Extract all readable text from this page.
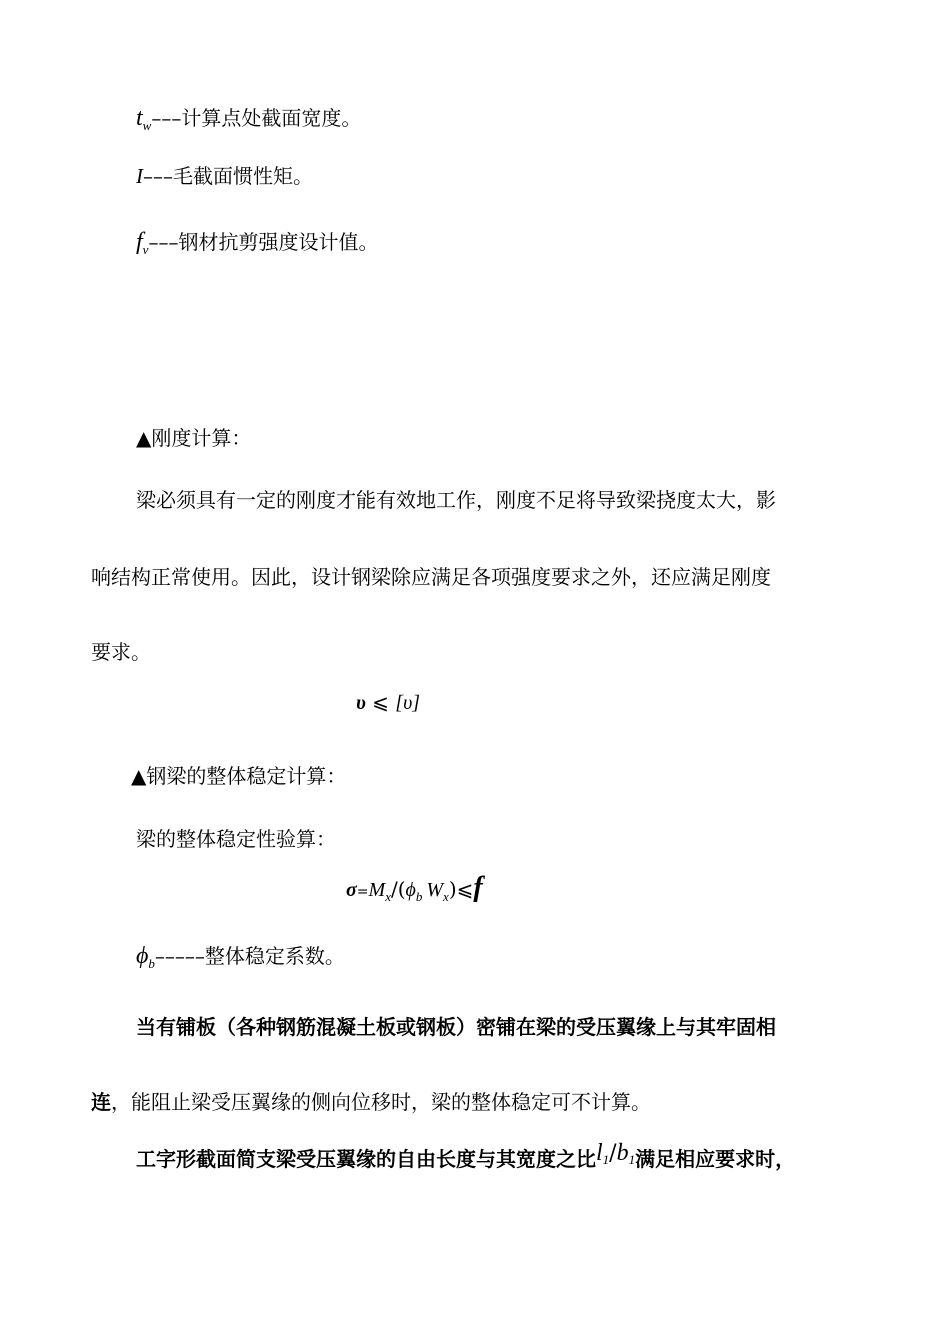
$t_w---$计算点处截面宽度。
I–––毛截面惯性矩。
$f_v---$钢材抗剪强度设计值。
▲刚度计算：
梁必须具有一定的刚度才能有效地工作，刚度不足将导致梁挠度太大，影
响结构正常使用。因此，设计钢梁除应满足各项强度要求之外，还应满足刚度
要求。
υ ⩽ [υ]
▲钢梁的整体稳定计算：
梁的整体稳定性验算：
$\sigma=M_x/(\phi_b$ $W_x)⩽f$
$\phi_b-----$整体稳定系数。
当有铺板（各种钢筋混凝土板或钢板）密铺在梁的受压翼缘上与其牢固相
连，能阻止梁受压翼缘的侧向位移时，梁的整体稳定可不计算。
工字形截面简支梁受压翼缘的自由长度与其宽度之比l1/b1满足相应要求时，
